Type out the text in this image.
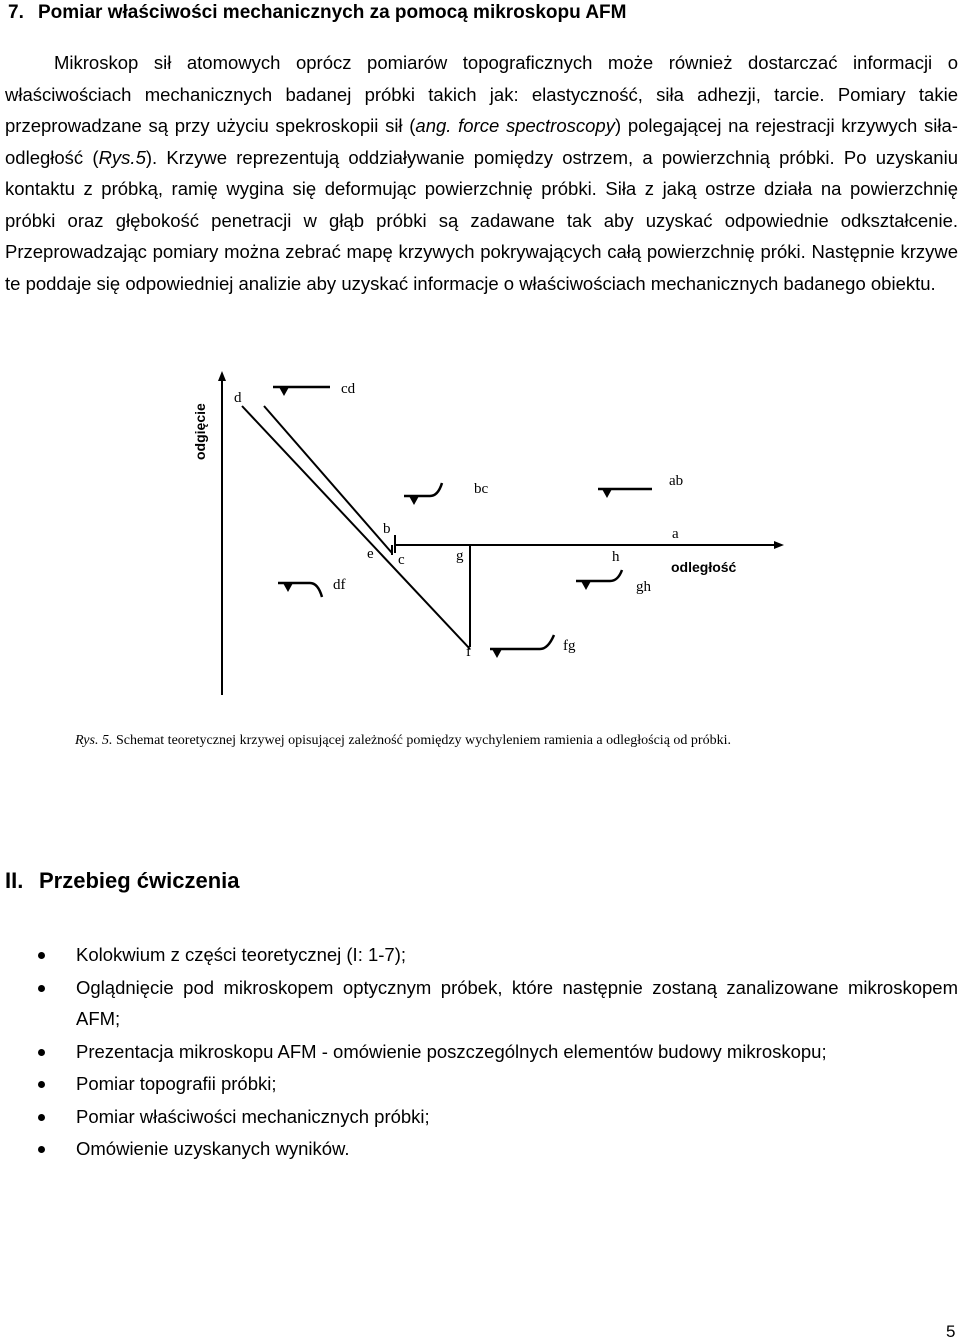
7. Pomiar właściwości mechanicznych za pomocą mikroskopu AFM

Mikroskop sił atomowych oprócz pomiarów topograficznych może również dostarczać informacji o właściwościach mechanicznych badanej próbki takich jak: elastyczność, siła adhezji, tarcie. Pomiary takie przeprowadzane są przy użyciu spekroskopii sił (ang. force spectroscopy) polegającej na rejestracji krzywych siła-odległość (Rys.5). Krzywe reprezentują oddziaływanie pomiędzy ostrzem, a powierzchnią próbki. Po uzyskaniu kontaktu z próbką, ramię wygina się deformując powierzchnię próbki. Siła z jaką ostrze działa na powierzchnię próbki oraz głębokość penetracji w głąb próbki są zadawane tak aby uzyskać odpowiednie odkształcenie. Przeprowadzając pomiary można zebrać mapę krzywych pokrywających całą powierzchnię próki. Następnie krzywe te poddaje się odpowiedniej analizie aby uzyskać informacje o właściwościach mechanicznych badanego obiektu.

odgięcie
odległość
d
b
e c	g	h
a
f
cd
bc	ab
gh
df
fg

Rys. 5. Schemat teoretycznej krzywej opisującej zależność pomiędzy wychyleniem ramienia a odległością od próbki.

II. Przebieg ćwiczenia
Kolokwium z części teoretycznej (I: 1-7);
Oglądnięcie pod mikroskopem optycznym próbek, które następnie zostaną zanalizowane mikroskopem AFM;
Prezentacja mikroskopu AFM - omówienie poszczególnych elementów budowy mikroskopu;
Pomiar topografii próbki;
Pomiar właściwości mechanicznych próbki;
Omówienie uzyskanych wyników.
5
